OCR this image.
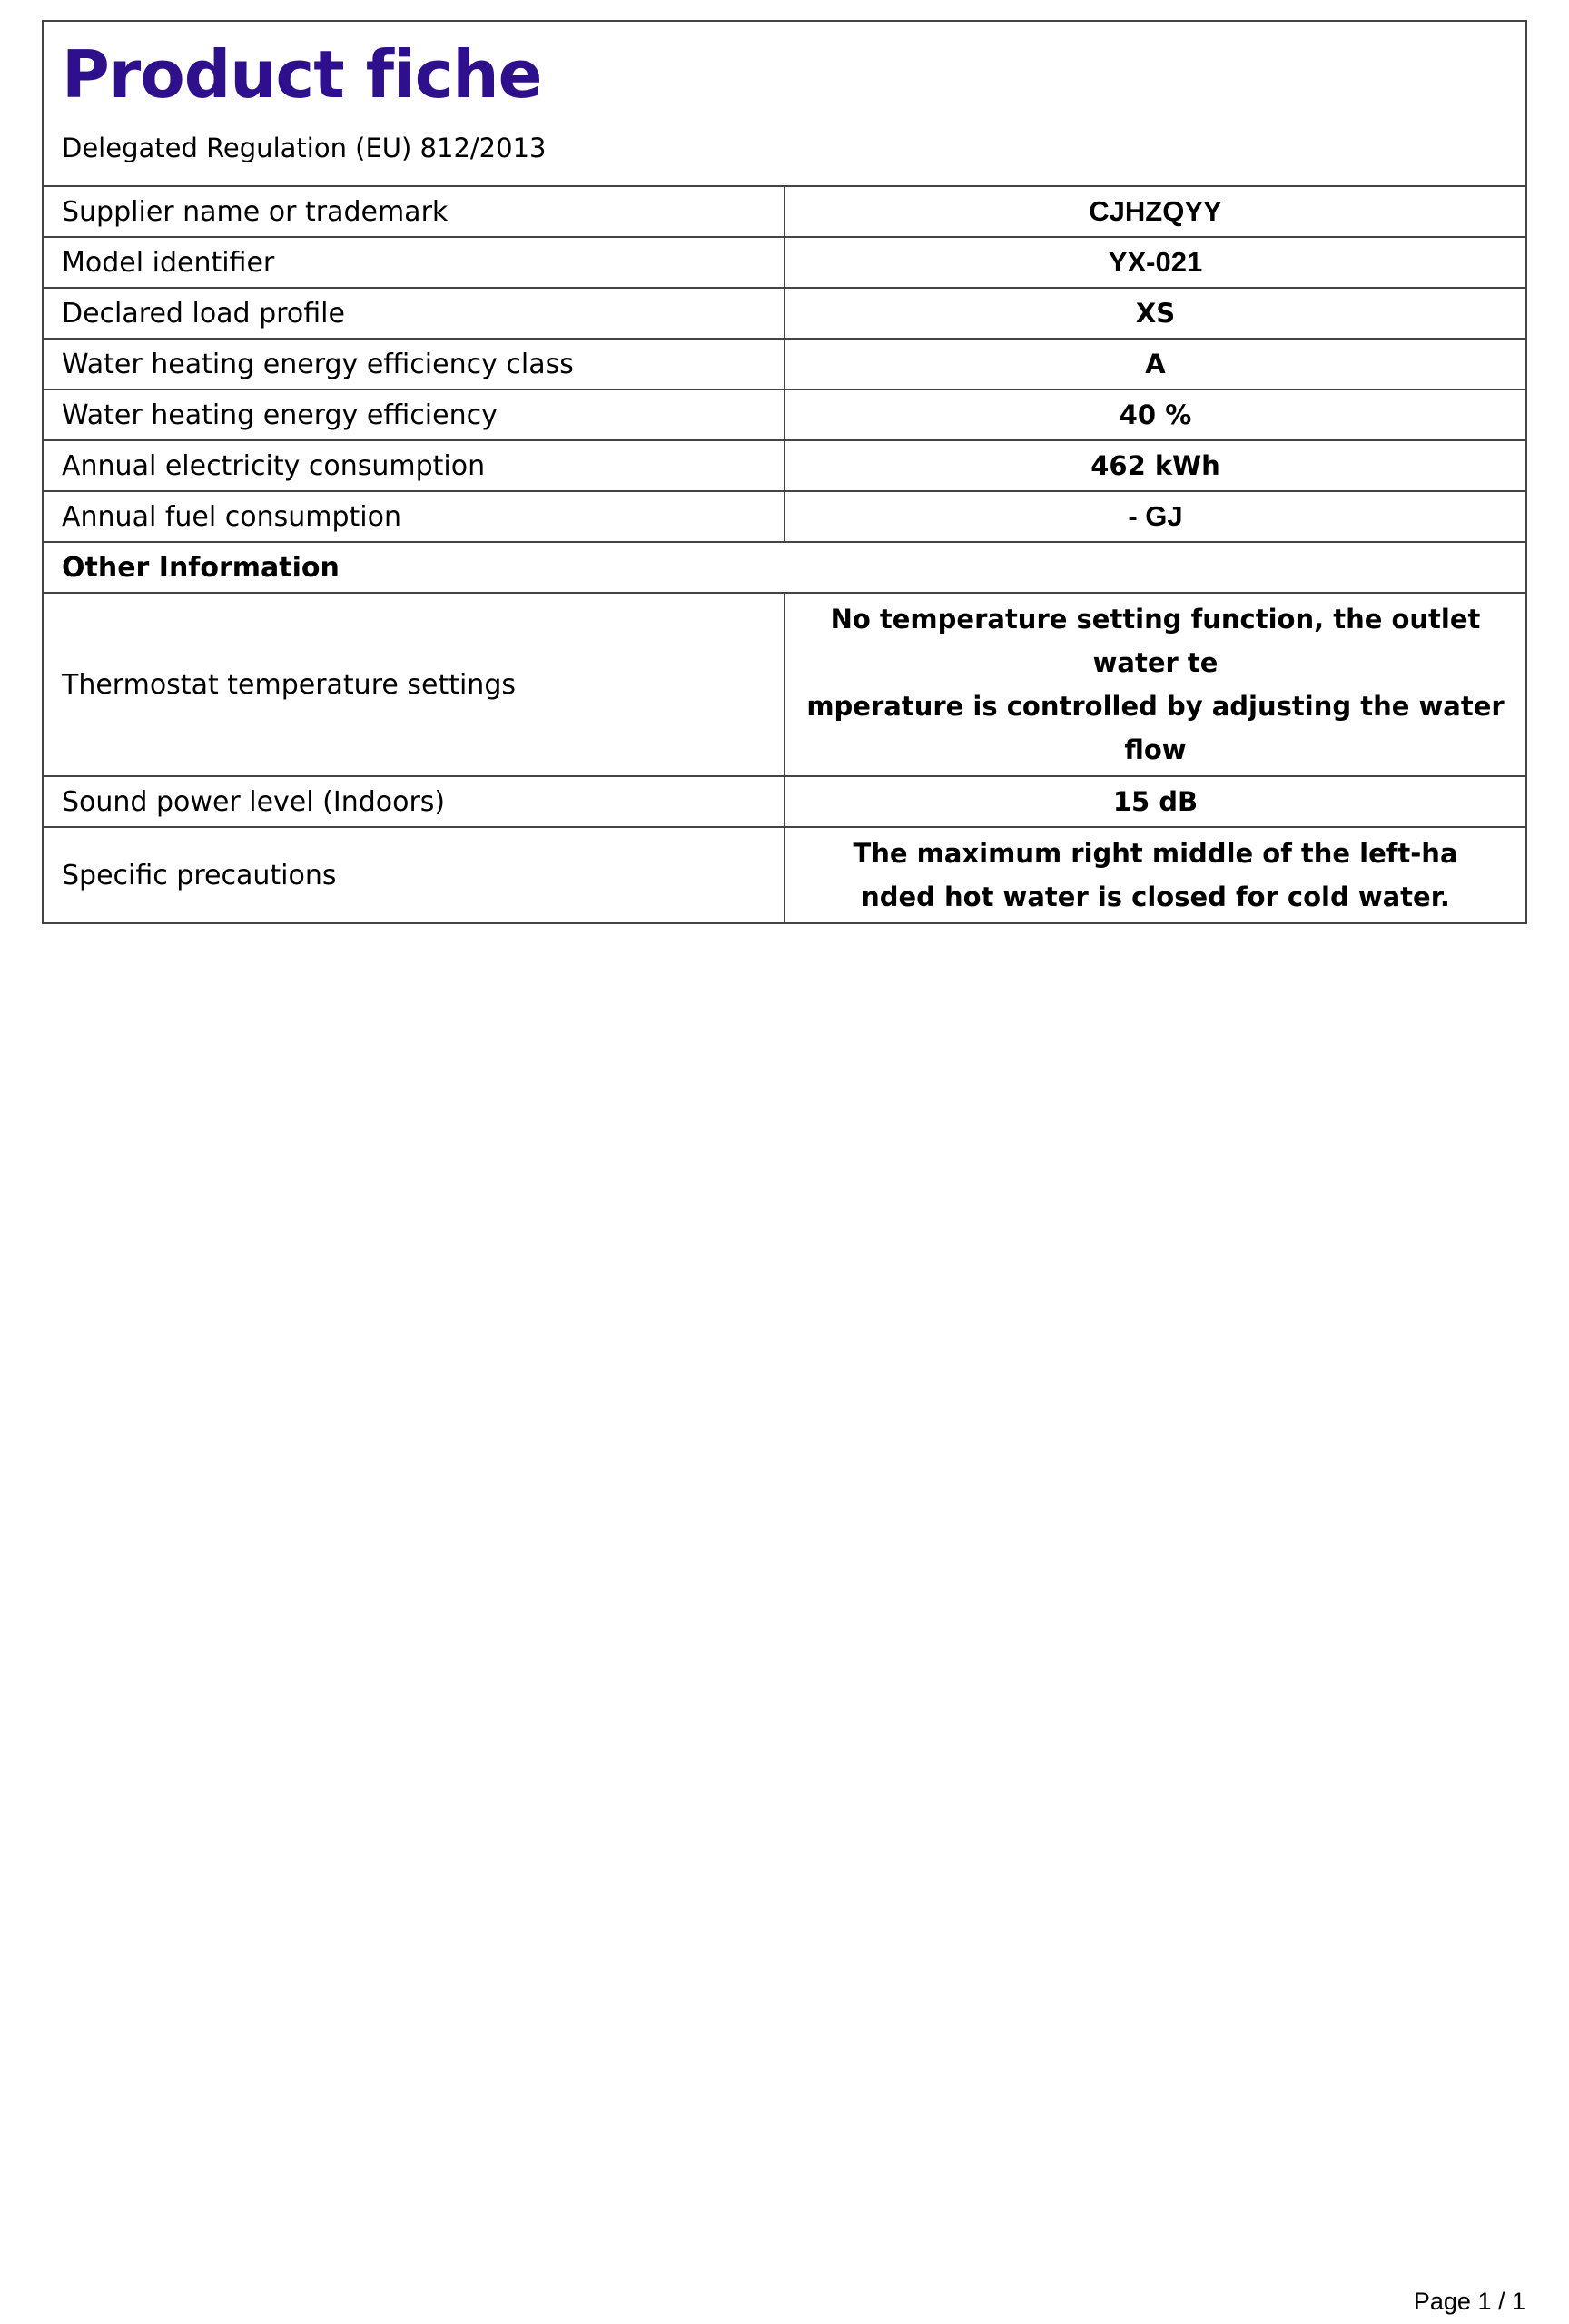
Product fiche
Delegated Regulation (EU) 812/2013	

Supplier name or trademark	CJHZQYY
Model identifier	YX-021
Declared load profile	XS
Water heating energy efficiency class	A
Water heating energy efficiency	40 %
Annual electricity consumption	462 kWh
Annual fuel consumption	- GJ
Other Information	
Thermostat temperature settings	No temperature setting function, the outlet water te
mperature is controlled by adjusting the water flow

Sound power level (Indoors)	15 dB
Specific precautions	The maximum right middle of the left-ha
nded hot water is closed for cold water.
Page 1 / 1
